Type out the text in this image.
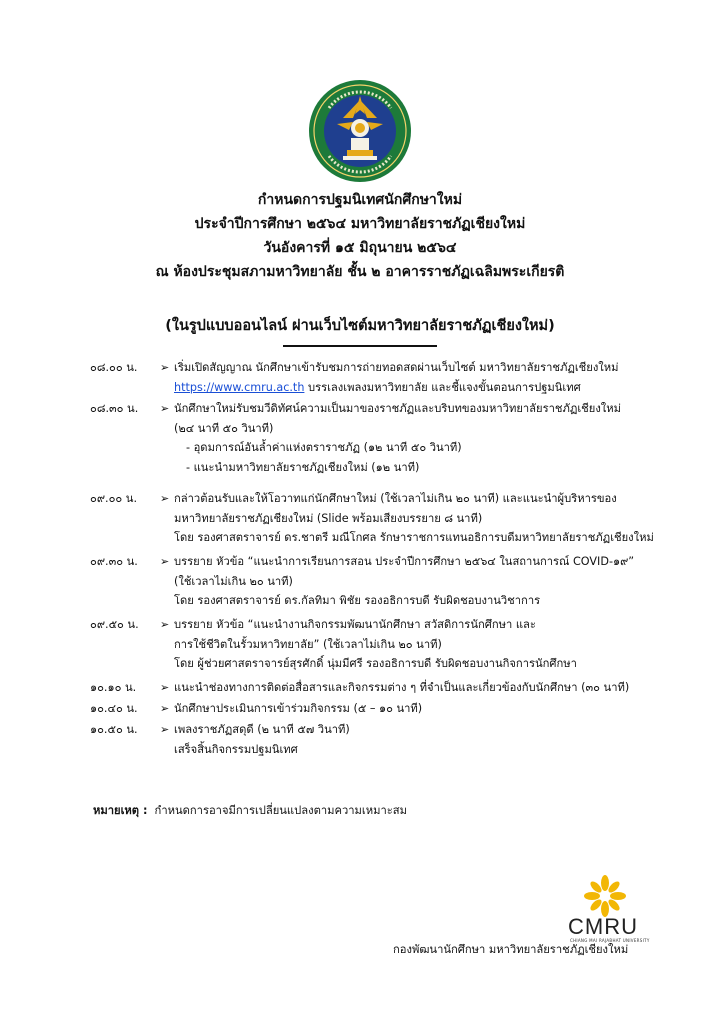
กำหนดการปฐมนิเทศนักศึกษาใหม่
ประจำปีการศึกษา ๒๕๖๔ มหาวิทยาลัยราชภัฏเชียงใหม่
วันอังคารที่ ๑๕ มิถุนายน ๒๕๖๔
ณ ห้องประชุมสภามหาวิทยาลัย ชั้น ๒ อาคารราชภัฏเฉลิมพระเกียรติ
(ในรูปแบบออนไลน์ ผ่านเว็บไซต์มหาวิทยาลัยราชภัฏเชียงใหม่)
๐๘.๐๐ น.	➢ เริ่มเปิดสัญญาณ นักศึกษาเข้ารับชมการถ่ายทอดสดผ่านเว็บไซต์ มหาวิทยาลัยราชภัฏเชียงใหม่
https://www.cmru.ac.th บรรเลงเพลงมหาวิทยาลัย และชี้แจงขั้นตอนการปฐมนิเทศ
๐๘.๓๐ น.	➢ นักศึกษาใหม่รับชมวีดิทัศน์ความเป็นมาของราชภัฏและบริบทของมหาวิทยาลัยราชภัฏเชียงใหม่
(๒๔ นาที ๕๐ วินาที)
- อุดมการณ์อันล้ำค่าแห่งตราราชภัฏ (๑๒ นาที ๕๐ วินาที)
- แนะนำมหาวิทยาลัยราชภัฏเชียงใหม่ (๑๒ นาที)
๐๙.๐๐ น.	➢ กล่าวต้อนรับและให้โอวาทแก่นักศึกษาใหม่ (ใช้เวลาไม่เกิน ๒๐ นาที) และแนะนำผู้บริหารของ
มหาวิทยาลัยราชภัฏเชียงใหม่ (Slide พร้อมเสียงบรรยาย ๘ นาที)
โดย รองศาสตราจารย์ ดร.ชาตรี มณีโกศล รักษาราชการแทนอธิการบดีมหาวิทยาลัยราชภัฏเชียงใหม่
๐๙.๓๐ น.	➢ บรรยาย หัวข้อ “แนะนำการเรียนการสอน ประจำปีการศึกษา ๒๕๖๔ ในสถานการณ์ COVID-๑๙”
(ใช้เวลาไม่เกิน ๒๐ นาที)
โดย รองศาสตราจารย์ ดร.กัลทิมา พิชัย รองอธิการบดี รับผิดชอบงานวิชาการ
๐๙.๕๐ น.	➢ บรรยาย หัวข้อ “แนะนำงานกิจกรรมพัฒนานักศึกษา สวัสดิการนักศึกษา และ
การใช้ชีวิตในรั้วมหาวิทยาลัย” (ใช้เวลาไม่เกิน ๒๐ นาที)
โดย ผู้ช่วยศาสตราจารย์สุรศักดิ์ นุ่มมีศรี รองอธิการบดี รับผิดชอบงานกิจการนักศึกษา
๑๐.๑๐ น.	➢ แนะนำช่องทางการติดต่อสื่อสารและกิจกรรมต่าง ๆ ที่จำเป็นและเกี่ยวข้องกับนักศึกษา (๓๐ นาที)
๑๐.๔๐ น.	➢ นักศึกษาประเมินการเข้าร่วมกิจกรรม (๕ – ๑๐ นาที)
๑๐.๕๐ น.	➢ เพลงราชภัฏสดุดี (๒ นาที ๕๗ วินาที)
เสร็จสิ้นกิจกรรมปฐมนิเทศ
หมายเหตุ : กำหนดการอาจมีการเปลี่ยนแปลงตามความเหมาะสม
CMRU
CHIANG MAI RAJABHAT UNIVERSITY
กองพัฒนานักศึกษา มหาวิทยาลัยราชภัฏเชียงใหม่
